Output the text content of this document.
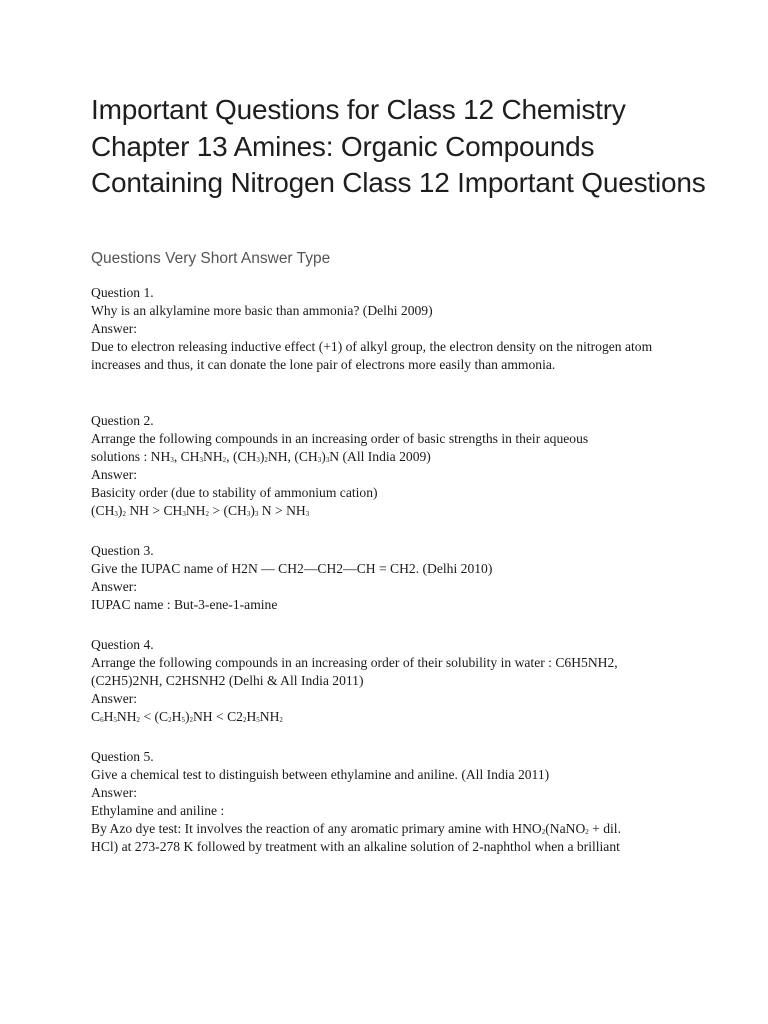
Important Questions for Class 12 Chemistry Chapter 13 Amines: Organic Compounds Containing Nitrogen Class 12 Important Questions
Questions Very Short Answer Type
Question 1.
Why is an alkylamine more basic than ammonia? (Delhi 2009)
Answer:
Due to electron releasing inductive effect (+1) of alkyl group, the electron density on the nitrogen atom increases and thus, it can donate the lone pair of electrons more easily than ammonia.
Question 2.
Arrange the following compounds in an increasing order of basic strengths in their aqueous
solutions : $NH_3$, $CH_3NH_2$, $(CH_3)_2NH$, $(CH_3)_3N$ (All India 2009)
Answer:
Basicity order (due to stability of ammonium cation)
$(CH_3)_2$ NH > $CH_3NH_2 > (CH_3)_3$ $N > NH_3$
Question 3.
Give the IUPAC name of H2N — CH2—CH2—CH = CH2. (Delhi 2010)
Answer:
IUPAC name : But-3-ene-1-amine
Question 4.
Arrange the following compounds in an increasing order of their solubility in water : C6H5NH2,
(C2H5)2NH, C2HSNH2 (Delhi & All India 2011)
Answer:
$C_6H_5NH_2 < (C_2H_5)_2NH < C2_2H_5NH_2$
Question 5.
Give a chemical test to distinguish between ethylamine and aniline. (All India 2011)
Answer:
Ethylamine and aniline :
By Azo dye test: It involves the reaction of any aromatic primary amine with $HNO_2(NaNO_2$ + dil.
HCl) at 273-278 K followed by treatment with an alkaline solution of 2-naphthol when a brilliant
